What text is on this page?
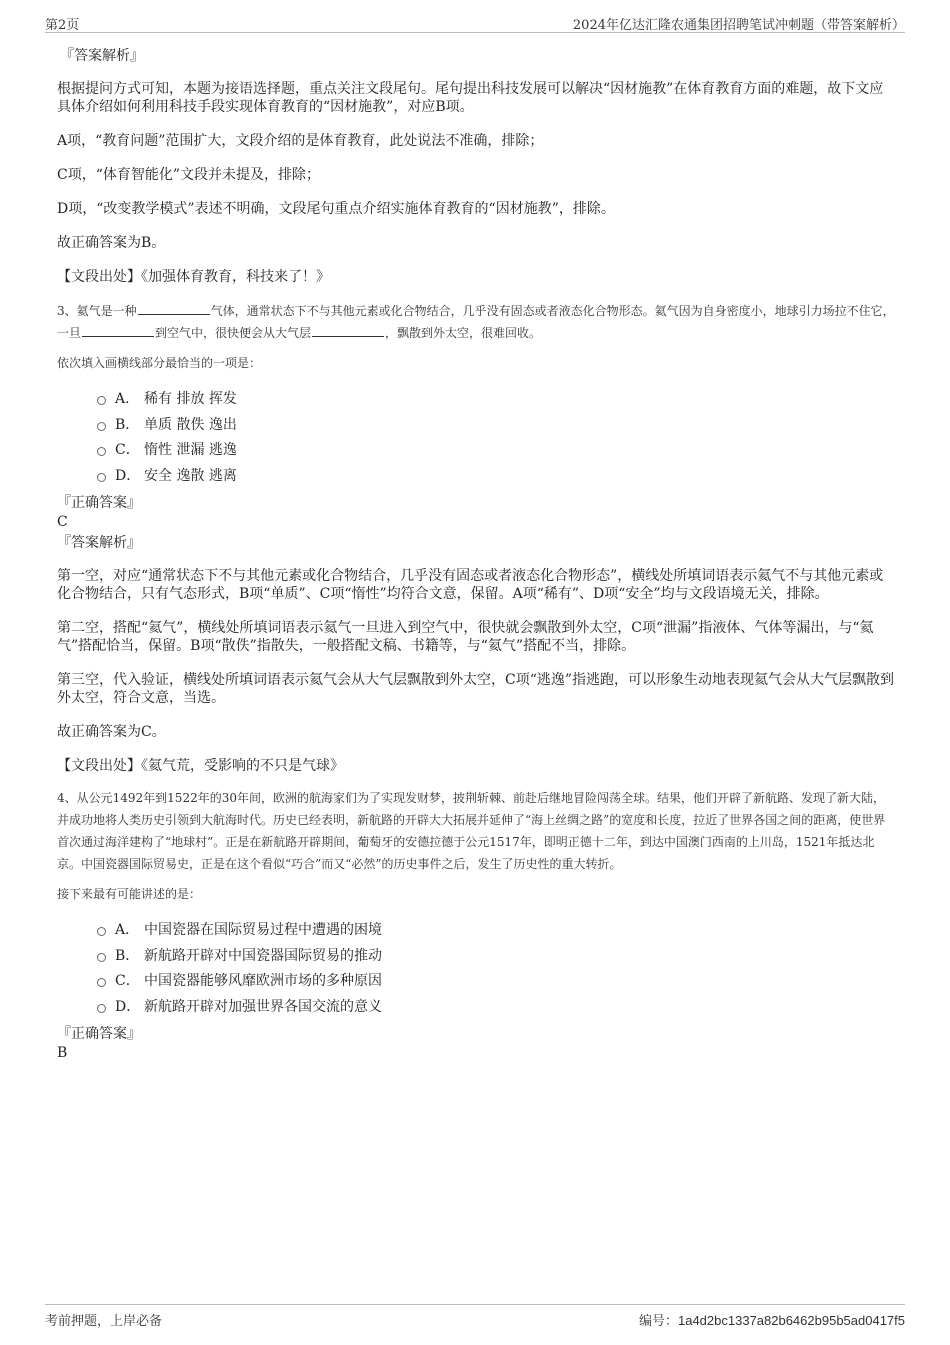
第2页	2024年亿达汇隆农通集团招聘笔试冲刺题（带答案解析）
『答案解析』

根据提问方式可知，本题为接语选择题，重点关注文段尾句。尾句提出科技发展可以解决“因材施教”在体育教育方面的难题，故下文应具体介绍如何利用科技手段实现体育教育的“因材施教”，对应B项。

A项，“教育问题”范围扩大，文段介绍的是体育教育，此处说法不准确，排除；

C项，“体育智能化”文段并未提及，排除；

D项，“改变教学模式”表述不明确，文段尾句重点介绍实施体育教育的“因材施教”，排除。

故正确答案为B。

【文段出处】《加强体育教育，科技来了！》

3、氦气是一种	气体，通常状态下不与其他元素或化合物结合，几乎没有固态或者液态化合物形态。氦气因为自身密度小，地球引力场拉不住它，一旦	到空气中，很快便会从大气层	，飘散到外太空，很难回收。

依次填入画横线部分最恰当的一项是：

A． 稀有 排放 挥发
B． 单质 散佚 逸出
C． 惰性 泄漏 逃逸
D． 安全 逸散 逃离
『正确答案』
C
『答案解析』

第一空，对应“通常状态下不与其他元素或化合物结合，几乎没有固态或者液态化合物形态”，横线处所填词语表示氦气不与其他元素或化合物结合，只有气态形式，B项“单质”、C项“惰性”均符合文意，保留。A项“稀有”、D项“安全”均与文段语境无关，排除。

第二空，搭配“氦气”，横线处所填词语表示氦气一旦进入到空气中，很快就会飘散到外太空，C项“泄漏”指液体、气体等漏出，与“氦气”搭配恰当，保留。B项“散佚”指散失，一般搭配文稿、书籍等，与“氦气”搭配不当，排除。

第三空，代入验证，横线处所填词语表示氦气会从大气层飘散到外太空，C项“逃逸”指逃跑，可以形象生动地表现氦气会从大气层飘散到外太空，符合文意，当选。

故正确答案为C。

【文段出处】《氦气荒，受影响的不只是气球》

4、从公元1492年到1522年的30年间，欧洲的航海家们为了实现发财梦，披荆斩棘、前赴后继地冒险闯荡全球。结果，他们开辟了新航路、发现了新大陆，并成功地将人类历史引领到大航海时代。历史已经表明，新航路的开辟大大拓展并延伸了“海上丝绸之路”的宽度和长度，拉近了世界各国之间的距离，使世界首次通过海洋建构了“地球村”。正是在新航路开辟期间，葡萄牙的安德拉德于公元1517年，即明正德十二年，到达中国澳门西南的上川岛，1521年抵达北京。中国瓷器国际贸易史，正是在这个看似“巧合”而又“必然”的历史事件之后，发生了历史性的重大转折。

接下来最有可能讲述的是：

A． 中国瓷器在国际贸易过程中遭遇的困境
B． 新航路开辟对中国瓷器国际贸易的推动
C． 中国瓷器能够风靡欧洲市场的多种原因
D． 新航路开辟对加强世界各国交流的意义
『正确答案』
B
考前押题，上岸必备	编号：1a4d2bc1337a82b6462b95b5ad0417f5
